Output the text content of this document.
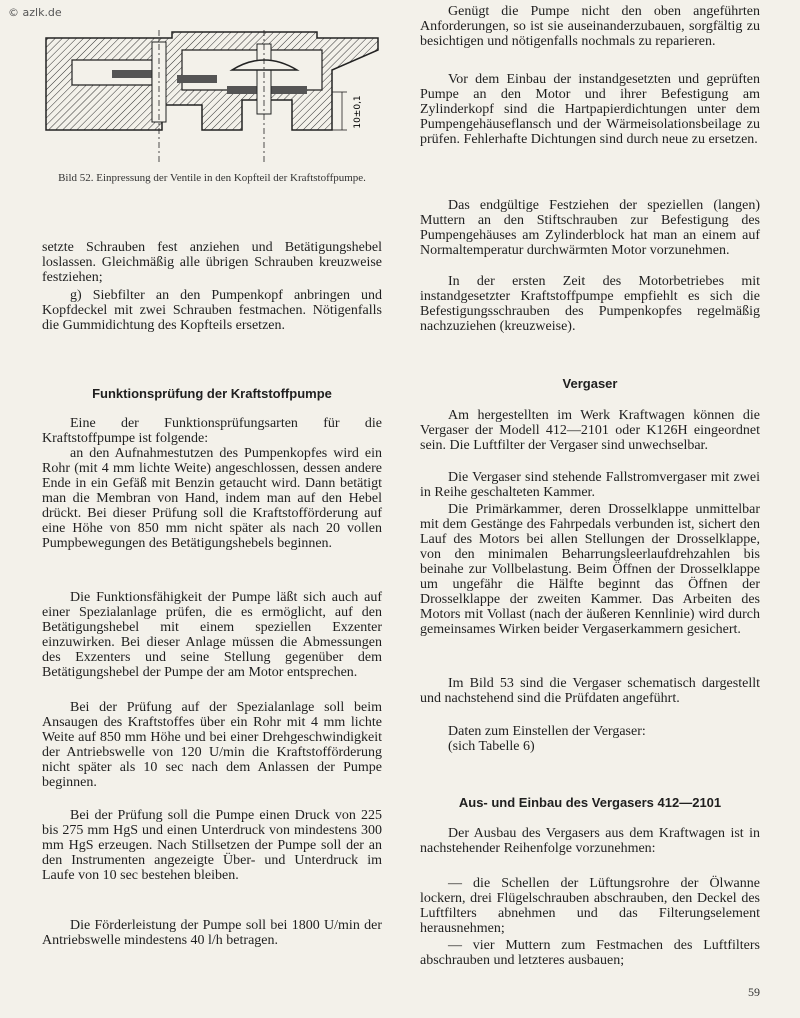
© azlk.de
10±0,1
Bild 52. Einpressung der Ventile in den Kopfteil der Kraftstoffpumpe.

setzte Schrauben fest anziehen und Betätigungshebel loslassen. Gleichmäßig alle übrigen Schrauben kreuzweise festziehen;

g) Siebfilter an den Pumpenkopf anbringen und Kopfdeckel mit zwei Schrauben festmachen. Nötigenfalls die Gummidichtung des Kopfteils ersetzen.

Funktionsprüfung der Kraftstoffpumpe

Eine der Funktionsprüfungsarten für die Kraftstoffpumpe ist folgende:

an den Aufnahmestutzen des Pumpenkopfes wird ein Rohr (mit 4 mm lichte Weite) angeschlossen, dessen andere Ende in ein Gefäß mit Benzin getaucht wird. Dann betätigt man die Membran von Hand, indem man auf den Hebel drückt. Bei dieser Prüfung soll die Kraftstofförderung auf eine Höhe von 850 mm nicht später als nach 20 vollen Pumpbewegungen des Betätigungshebels beginnen.

Die Funktionsfähigkeit der Pumpe läßt sich auch auf einer Spezialanlage prüfen, die es ermöglicht, auf den Betätigungshebel mit einem speziellen Exzenter einzuwirken. Bei dieser Anlage müssen die Abmessungen des Exzenters und seine Stellung gegenüber dem Betätigungshebel der Pumpe der am Motor entsprechen.

Bei der Prüfung auf der Spezialanlage soll beim Ansaugen des Kraftstoffes über ein Rohr mit 4 mm lichte Weite auf 850 mm Höhe und bei einer Drehgeschwindigkeit der Antriebswelle von 120 U/min die Kraftstofförderung nicht später als 10 sec nach dem Anlassen der Pumpe beginnen.

Bei der Prüfung soll die Pumpe einen Druck von 225 bis 275 mm HgS und einen Unterdruck von mindestens 300 mm HgS erzeugen. Nach Stillsetzen der Pumpe soll der an den Instrumenten angezeigte Über- und Unterdruck im Laufe von 10 sec bestehen bleiben.

Die Förderleistung der Pumpe soll bei 1800 U/min der Antriebswelle mindestens 40 l/h betragen.

Genügt die Pumpe nicht den oben angeführten Anforderungen, so ist sie auseinanderzubauen, sorgfältig zu besichtigen und nötigenfalls nochmals zu reparieren.

Vor dem Einbau der instandgesetzten und geprüften Pumpe an den Motor und ihrer Befestigung am Zylinderkopf sind die Hartpapierdichtungen unter dem Pumpengehäuseflansch und der Wärmeisolationsbeilage zu prüfen. Fehlerhafte Dichtungen sind durch neue zu ersetzen.

Das endgültige Festziehen der speziellen (langen) Muttern an den Stiftschrauben zur Befestigung des Pumpengehäuses am Zylinderblock hat man an einem auf Normaltemperatur durchwärmten Motor vorzunehmen.

In der ersten Zeit des Motorbetriebes mit instandgesetzter Kraftstoffpumpe empfiehlt es sich die Befestigungsschrauben des Pumpenkopfes regelmäßig nachzuziehen (kreuzweise).

Vergaser

Am hergestellten im Werk Kraftwagen können die Vergaser der Modell 412—2101 oder K126H eingeordnet sein. Die Luftfilter der Vergaser sind unwechselbar.

Die Vergaser sind stehende Fallstromvergaser mit zwei in Reihe geschalteten Kammer.

Die Primärkammer, deren Drosselklappe unmittelbar mit dem Gestänge des Fahrpedals verbunden ist, sichert den Lauf des Motors bei allen Stellungen der Drosselklappe, von den minimalen Beharrungsleerlaufdrehzahlen bis beinahe zur Vollbelastung. Beim Öffnen der Drosselklappe um ungefähr die Hälfte beginnt das Öffnen der Drosselklappe der zweiten Kammer. Das Arbeiten des Motors mit Vollast (nach der äußeren Kennlinie) wird durch gemeinsames Wirken beider Vergaserkammern gesichert.

Im Bild 53 sind die Vergaser schematisch dargestellt und nachstehend sind die Prüfdaten angeführt.

Daten zum Einstellen der Vergaser:

(sich Tabelle 6)

Aus- und Einbau des Vergasers 412—2101

Der Ausbau des Vergasers aus dem Kraftwagen ist in nachstehender Reihenfolge vorzunehmen:

— die Schellen der Lüftungsrohre der Ölwanne lockern, drei Flügelschrauben abschrauben, den Deckel des Luftfilters abnehmen und das Filterungselement herausnehmen;

— vier Muttern zum Festmachen des Luftfilters abschrauben und letzteres ausbauen;

59
